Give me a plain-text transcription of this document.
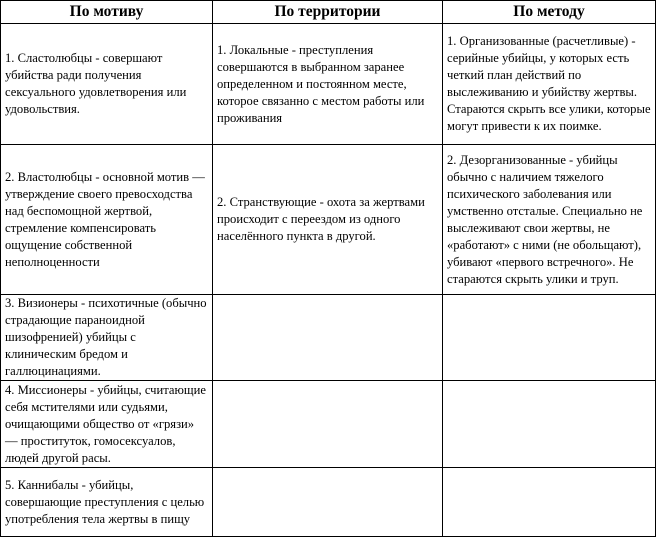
По мотиву	По территории	По методу
1. Сластолюбцы - совершают убийства ради получения сексуального удовлетворения или удовольствия.	1. Локальные - преступления совершаются в выбранном заранее определенном и постоянном месте, которое связанно с местом работы или проживания	1. Организованные (расчетливые) - серийные убийцы, у которых есть четкий план действий по выслеживанию и убийству жертвы. Стараются скрыть все улики, которые могут привести к их поимке.
2. Властолюбцы - основной мотив — утверждение своего превосходства над беспомощной жертвой, стремление компенсировать ощущение собственной неполноценности	2. Странствующие - охота за жертвами происходит с переездом из одного населённого пункта в другой.	2. Дезорганизованные - убийцы обычно с наличием тяжелого психического заболевания или умственно отсталые. Специально не выслеживают свои жертвы, не «работают» с ними (не обольщают), убивают «первого встречного». Не стараются скрыть улики и труп.
3. Визионеры - психотичные (обычно страдающие параноидной шизофренией) убийцы с клиническим бредом и галлюцинациями.		
4. Миссионеры - убийцы, считающие себя мстителями или судьями, очищающими общество от «грязи» — проституток, гомосексуалов, людей другой расы.		
5. Каннибалы - убийцы, совершающие преступления с целью употребления тела жертвы в пищу		
